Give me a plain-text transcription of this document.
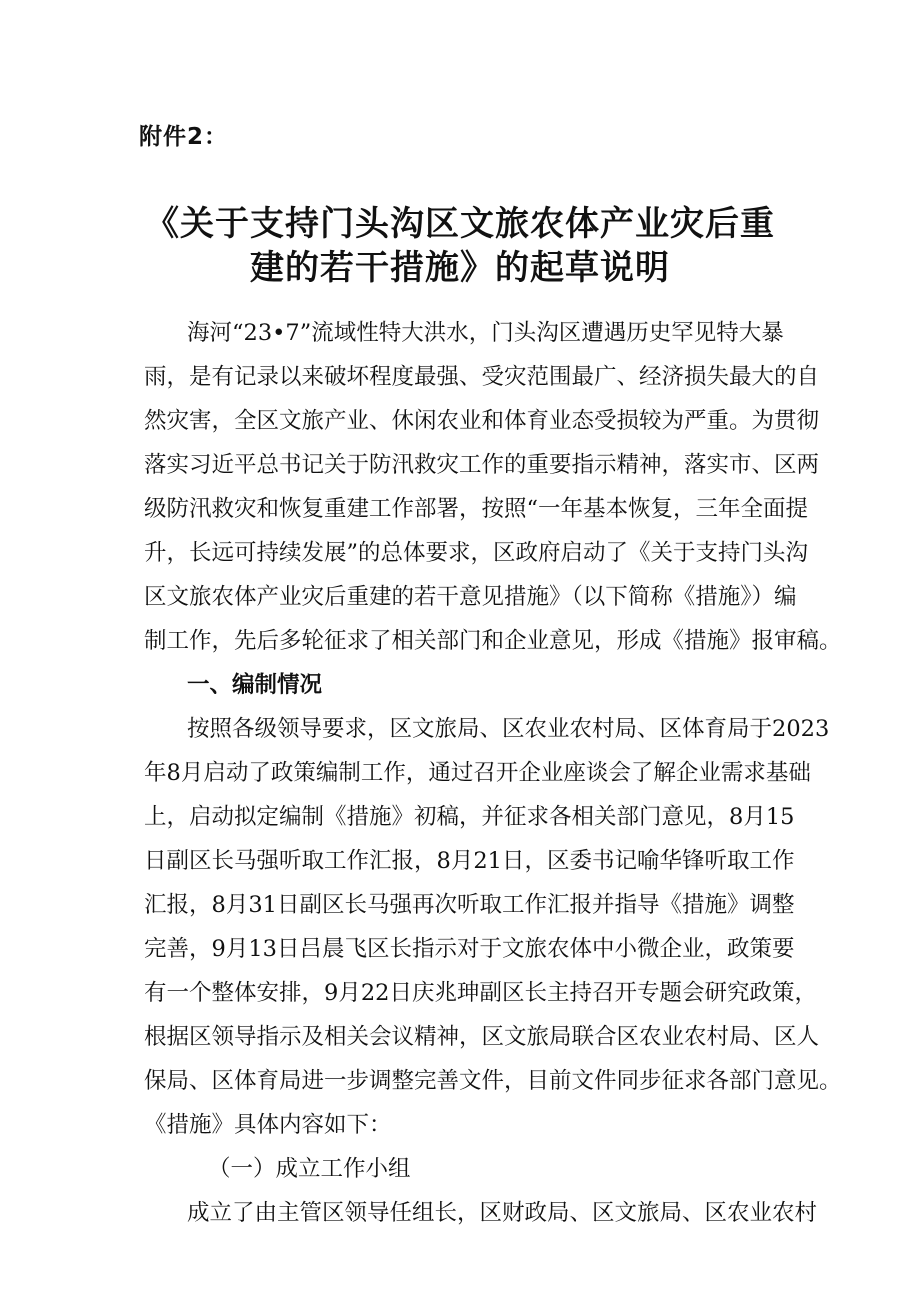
附件2：
《关于支持门头沟区文旅农体产业灾后重
建的若干措施》的起草说明
海河“23•7”流域性特大洪水，门头沟区遭遇历史罕见特大暴
雨，是有记录以来破坏程度最强、受灾范围最广、经济损失最大的自
然灾害，全区文旅产业、休闲农业和体育业态受损较为严重。为贯彻
落实习近平总书记关于防汛救灾工作的重要指示精神，落实市、区两
级防汛救灾和恢复重建工作部署，按照“一年基本恢复，三年全面提
升，长远可持续发展”的总体要求，区政府启动了《关于支持门头沟
区文旅农体产业灾后重建的若干意见措施》（以下简称《措施》）编
制工作，先后多轮征求了相关部门和企业意见，形成《措施》报审稿。
一、编制情况
按照各级领导要求，区文旅局、区农业农村局、区体育局于2023
年8月启动了政策编制工作，通过召开企业座谈会了解企业需求基础
上，启动拟定编制《措施》初稿，并征求各相关部门意见，8月15
日副区长马强听取工作汇报，8月21日，区委书记喻华锋听取工作
汇报，8月31日副区长马强再次听取工作汇报并指导《措施》调整
完善，9月13日吕晨飞区长指示对于文旅农体中小微企业，政策要
有一个整体安排，9月22日庆兆珅副区长主持召开专题会研究政策，
根据区领导指示及相关会议精神，区文旅局联合区农业农村局、区人
保局、区体育局进一步调整完善文件，目前文件同步征求各部门意见。
《措施》具体内容如下：
（一）成立工作小组
成立了由主管区领导任组长，区财政局、区文旅局、区农业农村
